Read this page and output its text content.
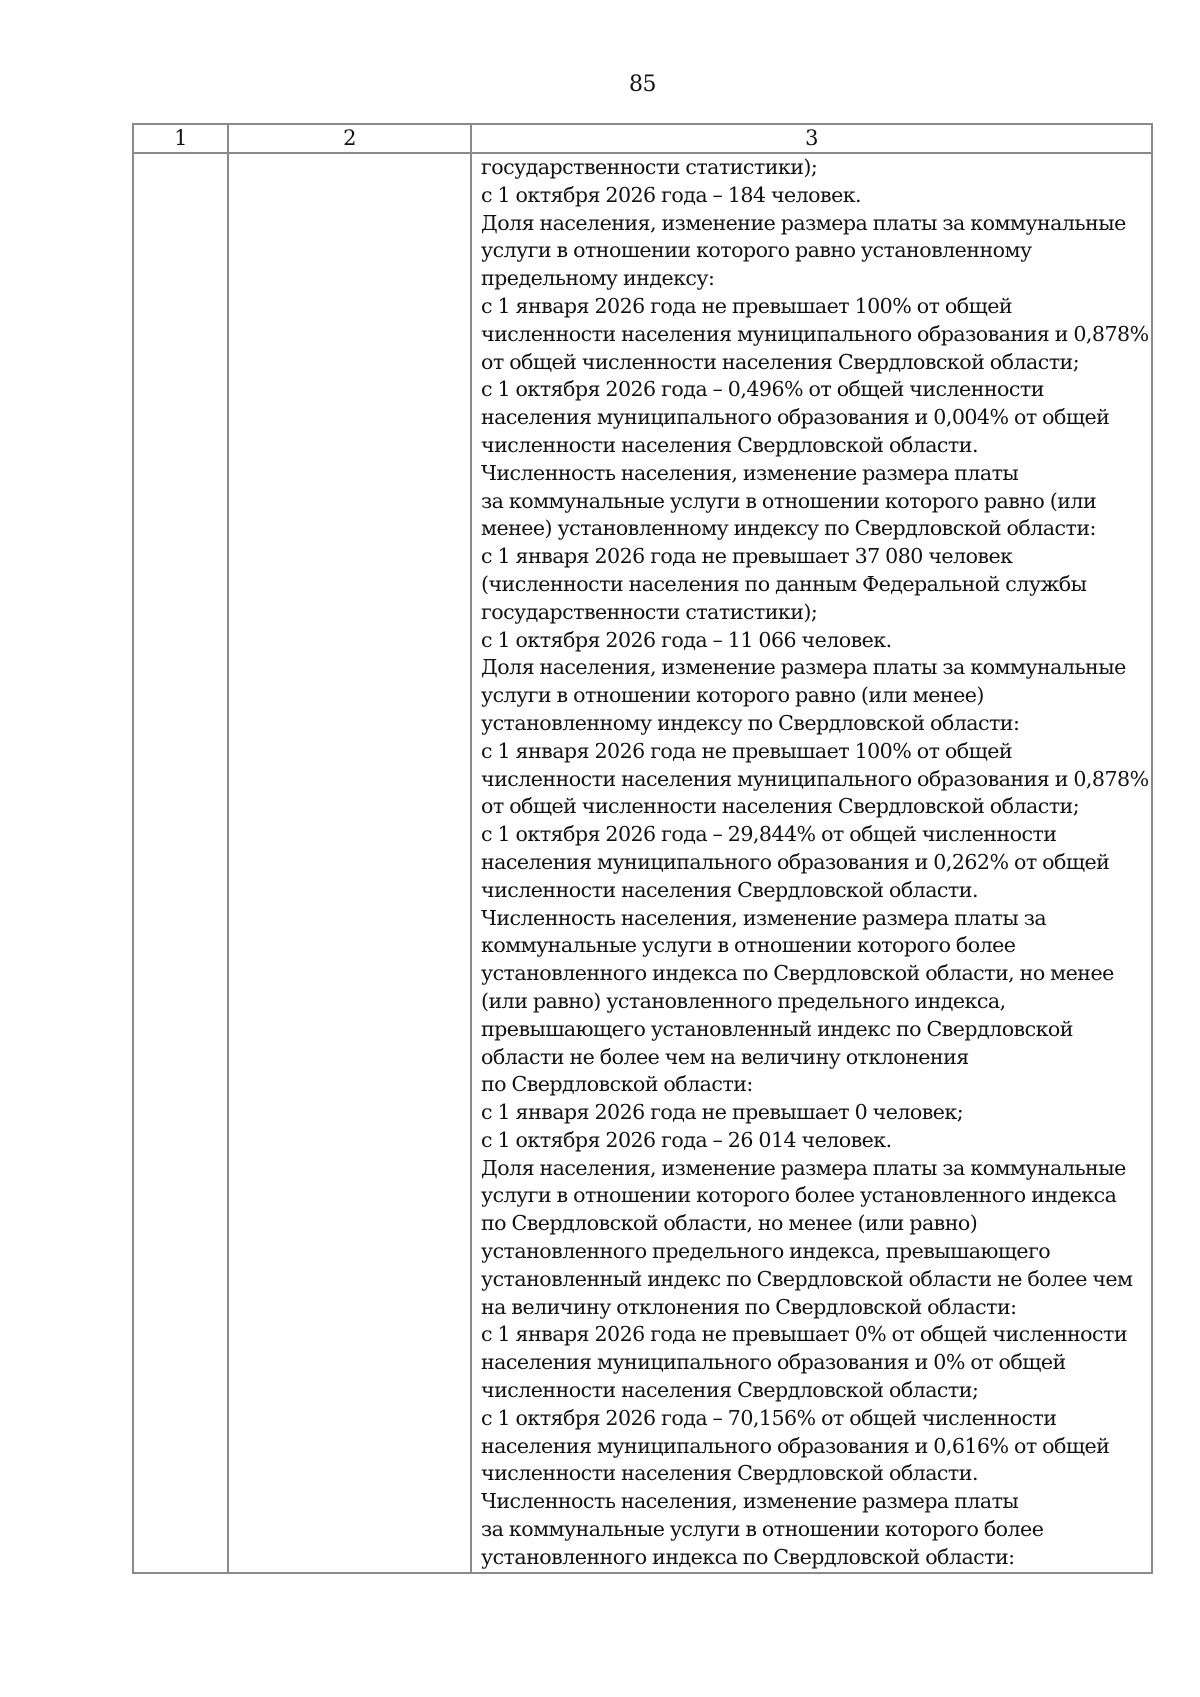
85
1	2	3

государственности статистики);
с 1 октября 2026 года – 184 человек.
Доля населения, изменение размера платы за коммунальные
услуги в отношении которого равно установленному
предельному индексу:
с 1 января 2026 года не превышает 100% от общей
численности населения муниципального образования и 0,878%
от общей численности населения Свердловской области;
с 1 октября 2026 года – 0,496% от общей численности
населения муниципального образования и 0,004% от общей
численности населения Свердловской области.
Численность населения, изменение размера платы
за коммунальные услуги в отношении которого равно (или
менее) установленному индексу по Свердловской области:
с 1 января 2026 года не превышает 37 080 человек
(численности населения по данным Федеральной службы
государственности статистики);
с 1 октября 2026 года – 11 066 человек.
Доля населения, изменение размера платы за коммунальные
услуги в отношении которого равно (или менее)
установленному индексу по Свердловской области:
с 1 января 2026 года не превышает 100% от общей
численности населения муниципального образования и 0,878%
от общей численности населения Свердловской области;
с 1 октября 2026 года – 29,844% от общей численности
населения муниципального образования и 0,262% от общей
численности населения Свердловской области.
Численность населения, изменение размера платы за
коммунальные услуги в отношении которого более
установленного индекса по Свердловской области, но менее
(или равно) установленного предельного индекса,
превышающего установленный индекс по Свердловской
области не более чем на величину отклонения
по Свердловской области:
с 1 января 2026 года не превышает 0 человек;
с 1 октября 2026 года – 26 014 человек.
Доля населения, изменение размера платы за коммунальные
услуги в отношении которого более установленного индекса
по Свердловской области, но менее (или равно)
установленного предельного индекса, превышающего
установленный индекс по Свердловской области не более чем
на величину отклонения по Свердловской области:
с 1 января 2026 года не превышает 0% от общей численности
населения муниципального образования и 0% от общей
численности населения Свердловской области;
с 1 октября 2026 года – 70,156% от общей численности
населения муниципального образования и 0,616% от общей
численности населения Свердловской области.
Численность населения, изменение размера платы
за коммунальные услуги в отношении которого более
установленного индекса по Свердловской области:
